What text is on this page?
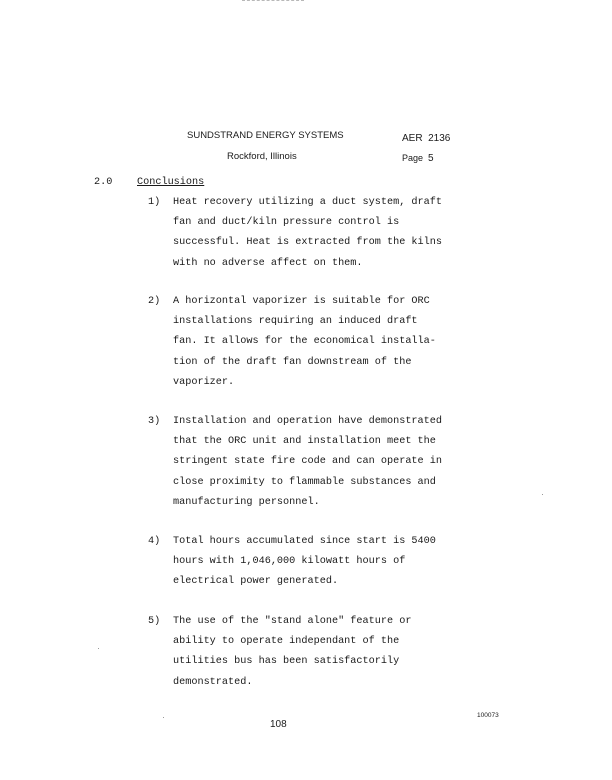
SUNDSTRAND ENERGY SYSTEMS	AER 2136
Rockford, Illinois	Page 5
2.0 Conclusions
1) Heat recovery utilizing a duct system, draft
fan and duct/kiln pressure control is
successful. Heat is extracted from the kilns
with no adverse affect on them.
2) A horizontal vaporizer is suitable for ORC
installations requiring an induced draft
fan. It allows for the economical installa-
tion of the draft fan downstream of the
vaporizer.
3) Installation and operation have demonstrated
that the ORC unit and installation meet the
stringent state fire code and can operate in
close proximity to flammable substances and
manufacturing personnel.
4) Total hours accumulated since start is 5400
hours with 1,046,000 kilowatt hours of
electrical power generated.
5) The use of the "stand alone" feature or
ability to operate independant of the
utilities bus has been satisfactorily
demonstrated.
108
100073
